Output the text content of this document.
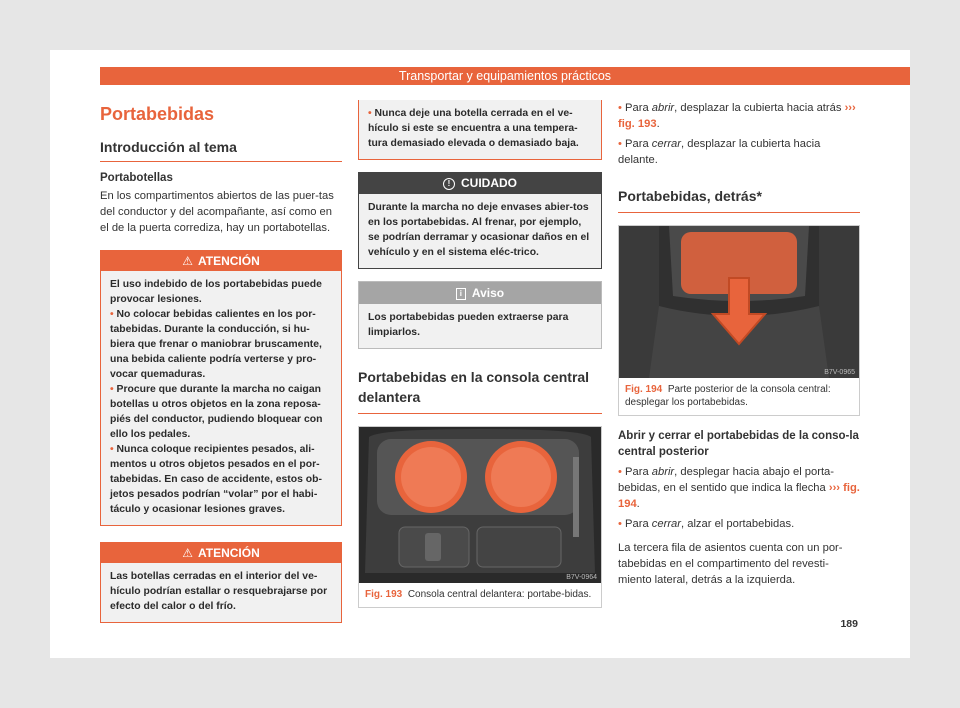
Transportar y equipamientos prácticos
Portabebidas
Introducción al tema
Portabotellas

En los compartimentos abiertos de las puer-tas del conductor y del acompañante, así como en el de la puerta corrediza, hay un portabotellas.

⚠ ATENCIÓN
El uso indebido de los portabebidas puede provocar lesiones.
• No colocar bebidas calientes en los por-tabebidas. Durante la conducción, si hu-biera que frenar o maniobrar bruscamente, una bebida caliente podría verterse y pro-vocar quemaduras.
• Procure que durante la marcha no caigan botellas u otros objetos en la zona reposa-piés del conductor, pudiendo bloquear con ello los pedales.
• Nunca coloque recipientes pesados, ali-mentos u otros objetos pesados en el por-tabebidas. En caso de accidente, estos ob-jetos pesados podrían “volar” por el habi-táculo y ocasionar lesiones graves.
⚠ ATENCIÓN
Las botellas cerradas en el interior del ve-hículo podrían estallar o resquebrajarse por efecto del calor o del frío.
• Nunca deje una botella cerrada en el ve-hículo si este se encuentra a una tempera-tura demasiado elevada o demasiado baja.
! CUIDADO
Durante la marcha no deje envases abier-tos en los portabebidas. Al frenar, por ejemplo, se podrían derramar y ocasionar daños en el vehículo y en el sistema eléc-trico.
i Aviso
Los portabebidas pueden extraerse para limpiarlos.
Portabebidas en la consola central delantera
B7V-0964
Fig. 193 Consola central delantera: portabe-bidas.

• Para abrir, desplazar la cubierta hacia atrás ››› fig. 193.

• Para cerrar, desplazar la cubierta hacia delante.

Portabebidas, detrás*
B7V-0965
Fig. 194 Parte posterior de la consola central: desplegar los portabebidas.
Abrir y cerrar el portabebidas de la conso-la central posterior

• Para abrir, desplegar hacia abajo el porta-bebidas, en el sentido que indica la flecha ››› fig. 194.

• Para cerrar, alzar el portabebidas.

La tercera fila de asientos cuenta con un por-tabebidas en el compartimento del revesti-miento lateral, detrás a la izquierda.

189
